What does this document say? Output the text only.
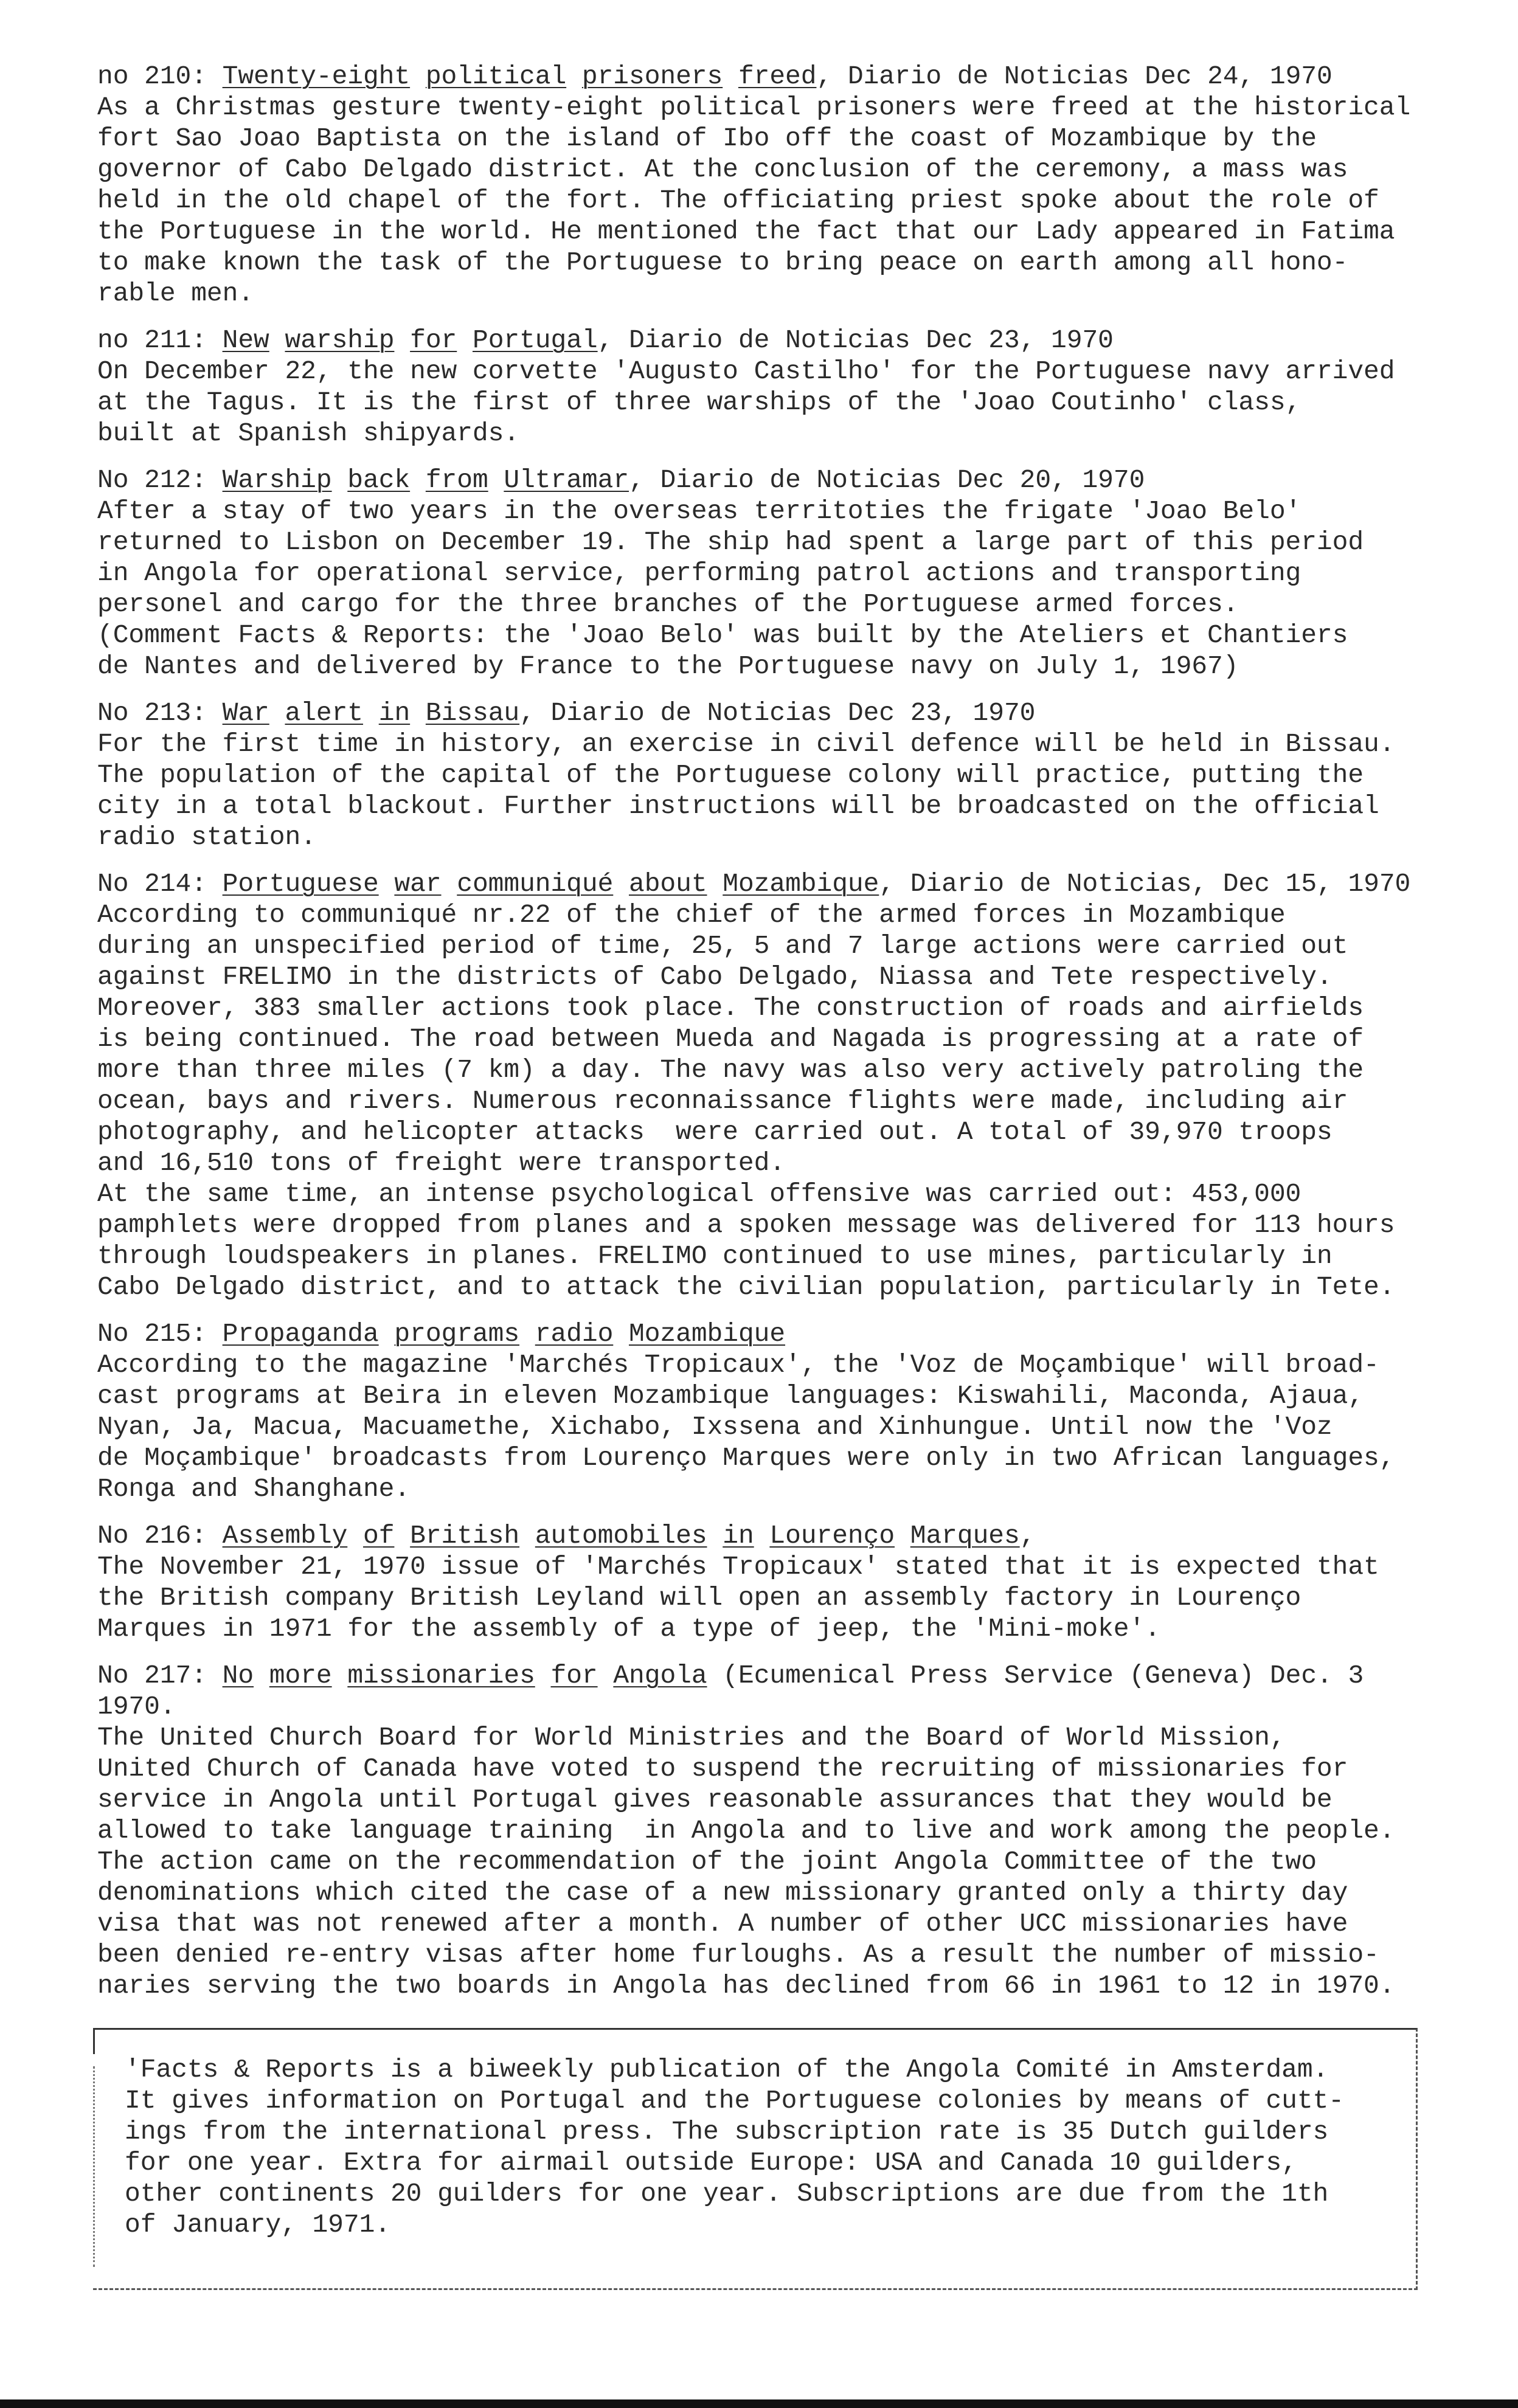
no 210: Twenty-eight political prisoners freed, Diario de Noticias Dec 24, 1970
As a Christmas gesture twenty-eight political prisoners were freed at the historical
fort Sao Joao Baptista on the island of Ibo off the coast of Mozambique by the
governor of Cabo Delgado district. At the conclusion of the ceremony, a mass was
held in the old chapel of the fort. The officiating priest spoke about the role of
the Portuguese in the world. He mentioned the fact that our Lady appeared in Fatima
to make known the task of the Portuguese to bring peace on earth among all hono-
rable men.
no 211: New warship for Portugal, Diario de Noticias Dec 23, 1970
On December 22, the new corvette 'Augusto Castilho' for the Portuguese navy arrived
at the Tagus. It is the first of three warships of the 'Joao Coutinho' class,
built at Spanish shipyards.
No 212: Warship back from Ultramar, Diario de Noticias Dec 20, 1970
After a stay of two years in the overseas territoties the frigate 'Joao Belo'
returned to Lisbon on December 19. The ship had spent a large part of this period
in Angola for operational service, performing patrol actions and transporting
personel and cargo for the three branches of the Portuguese armed forces.
(Comment Facts & Reports: the 'Joao Belo' was built by the Ateliers et Chantiers
de Nantes and delivered by France to the Portuguese navy on July 1, 1967)
No 213: War alert in Bissau, Diario de Noticias Dec 23, 1970
For the first time in history, an exercise in civil defence will be held in Bissau.
The population of the capital of the Portuguese colony will practice, putting the
city in a total blackout. Further instructions will be broadcasted on the official
radio station.
No 214: Portuguese war communiqué about Mozambique, Diario de Noticias, Dec 15, 1970
According to communiqué nr.22 of the chief of the armed forces in Mozambique
during an unspecified period of time, 25, 5 and 7 large actions were carried out
against FRELIMO in the districts of Cabo Delgado, Niassa and Tete respectively.
Moreover, 383 smaller actions took place. The construction of roads and airfields
is being continued. The road between Mueda and Nagada is progressing at a rate of
more than three miles (7 km) a day. The navy was also very actively patroling the
ocean, bays and rivers. Numerous reconnaissance flights were made, including air
photography, and helicopter attacks  were carried out. A total of 39,970 troops
and 16,510 tons of freight were transported.
At the same time, an intense psychological offensive was carried out: 453,000
pamphlets were dropped from planes and a spoken message was delivered for 113 hours
through loudspeakers in planes. FRELIMO continued to use mines, particularly in
Cabo Delgado district, and to attack the civilian population, particularly in Tete.
No 215: Propaganda programs radio Mozambique
According to the magazine 'Marchés Tropicaux', the 'Voz de Moçambique' will broad-
cast programs at Beira in eleven Mozambique languages: Kiswahili, Maconda, Ajaua,
Nyan, Ja, Macua, Macuamethe, Xichabo, Ixssena and Xinhungue. Until now the 'Voz
de Moçambique' broadcasts from Lourenço Marques were only in two African languages,
Ronga and Shanghane.
No 216: Assembly of British automobiles in Lourenço Marques,
The November 21, 1970 issue of 'Marchés Tropicaux' stated that it is expected that
the British company British Leyland will open an assembly factory in Lourenço
Marques in 1971 for the assembly of a type of jeep, the 'Mini-moke'.
No 217: No more missionaries for Angola (Ecumenical Press Service (Geneva) Dec. 3
1970.
The United Church Board for World Ministries and the Board of World Mission,
United Church of Canada have voted to suspend the recruiting of missionaries for
service in Angola until Portugal gives reasonable assurances that they would be
allowed to take language training  in Angola and to live and work among the people.
The action came on the recommendation of the joint Angola Committee of the two
denominations which cited the case of a new missionary granted only a thirty day
visa that was not renewed after a month. A number of other UCC missionaries have
been denied re-entry visas after home furloughs. As a result the number of missio-
naries serving the two boards in Angola has declined from 66 in 1961 to 12 in 1970.
'Facts & Reports is a biweekly publication of the Angola Comité in Amsterdam.
It gives information on Portugal and the Portuguese colonies by means of cutt-
ings from the international press. The subscription rate is 35 Dutch guilders
for one year. Extra for airmail outside Europe: USA and Canada 10 guilders,
other continents 20 guilders for one year. Subscriptions are due from the 1th
of January, 1971.
